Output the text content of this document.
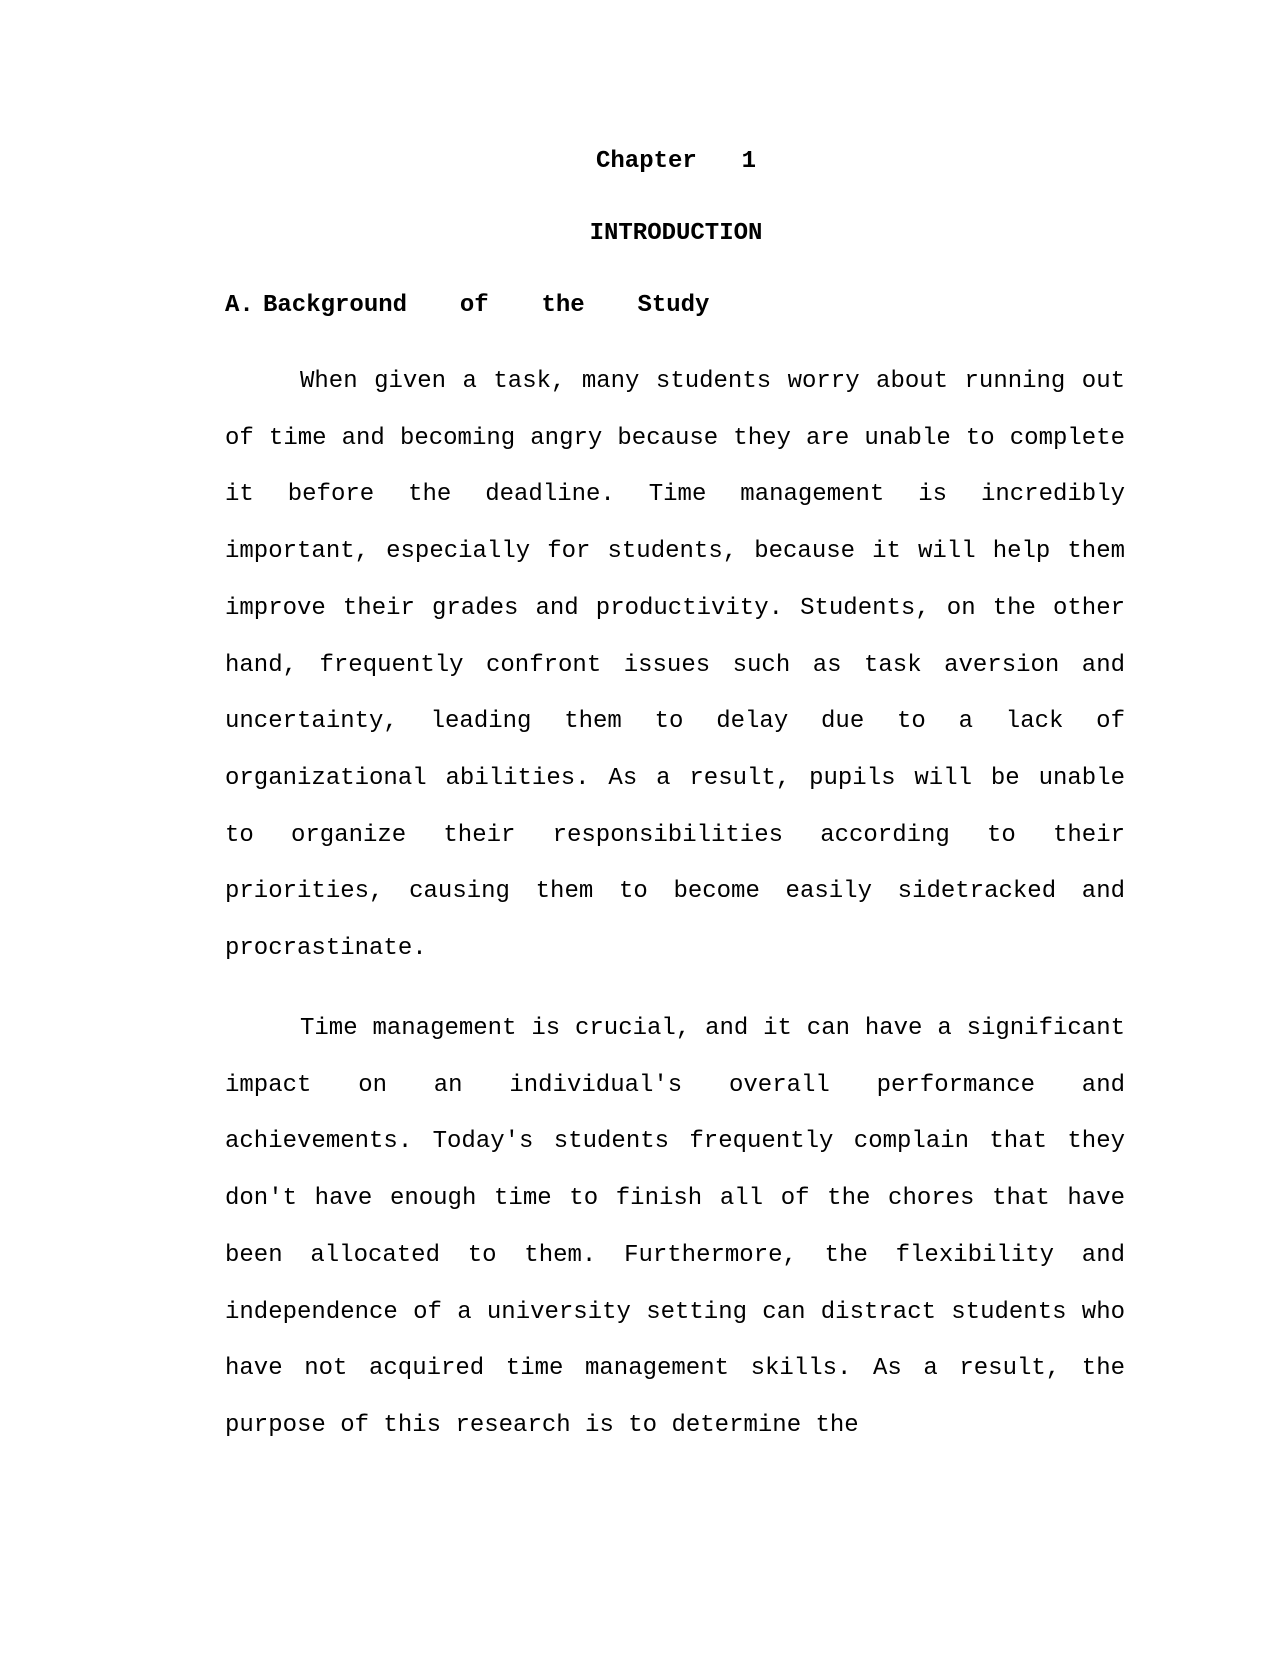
Chapter  1
INTRODUCTION
A. Background  of  the  Study

When given a task, many students worry about running out of time and becoming angry because they are unable to complete it before the deadline. Time management is incredibly important, especially for students, because it will help them improve their grades and productivity. Students, on the other hand, frequently confront issues such as task aversion and uncertainty, leading them to delay due to a lack of organizational abilities. As a result, pupils will be unable to organize their responsibilities according to their priorities, causing them to become easily sidetracked and procrastinate.

Time management is crucial, and it can have a significant impact on an individual's overall performance and achievements. Today's students frequently complain that they don't have enough time to finish all of the chores that have been allocated to them. Furthermore, the flexibility and independence of a university setting can distract students who have not acquired time management skills. As a result, the purpose of this research is to determine the
